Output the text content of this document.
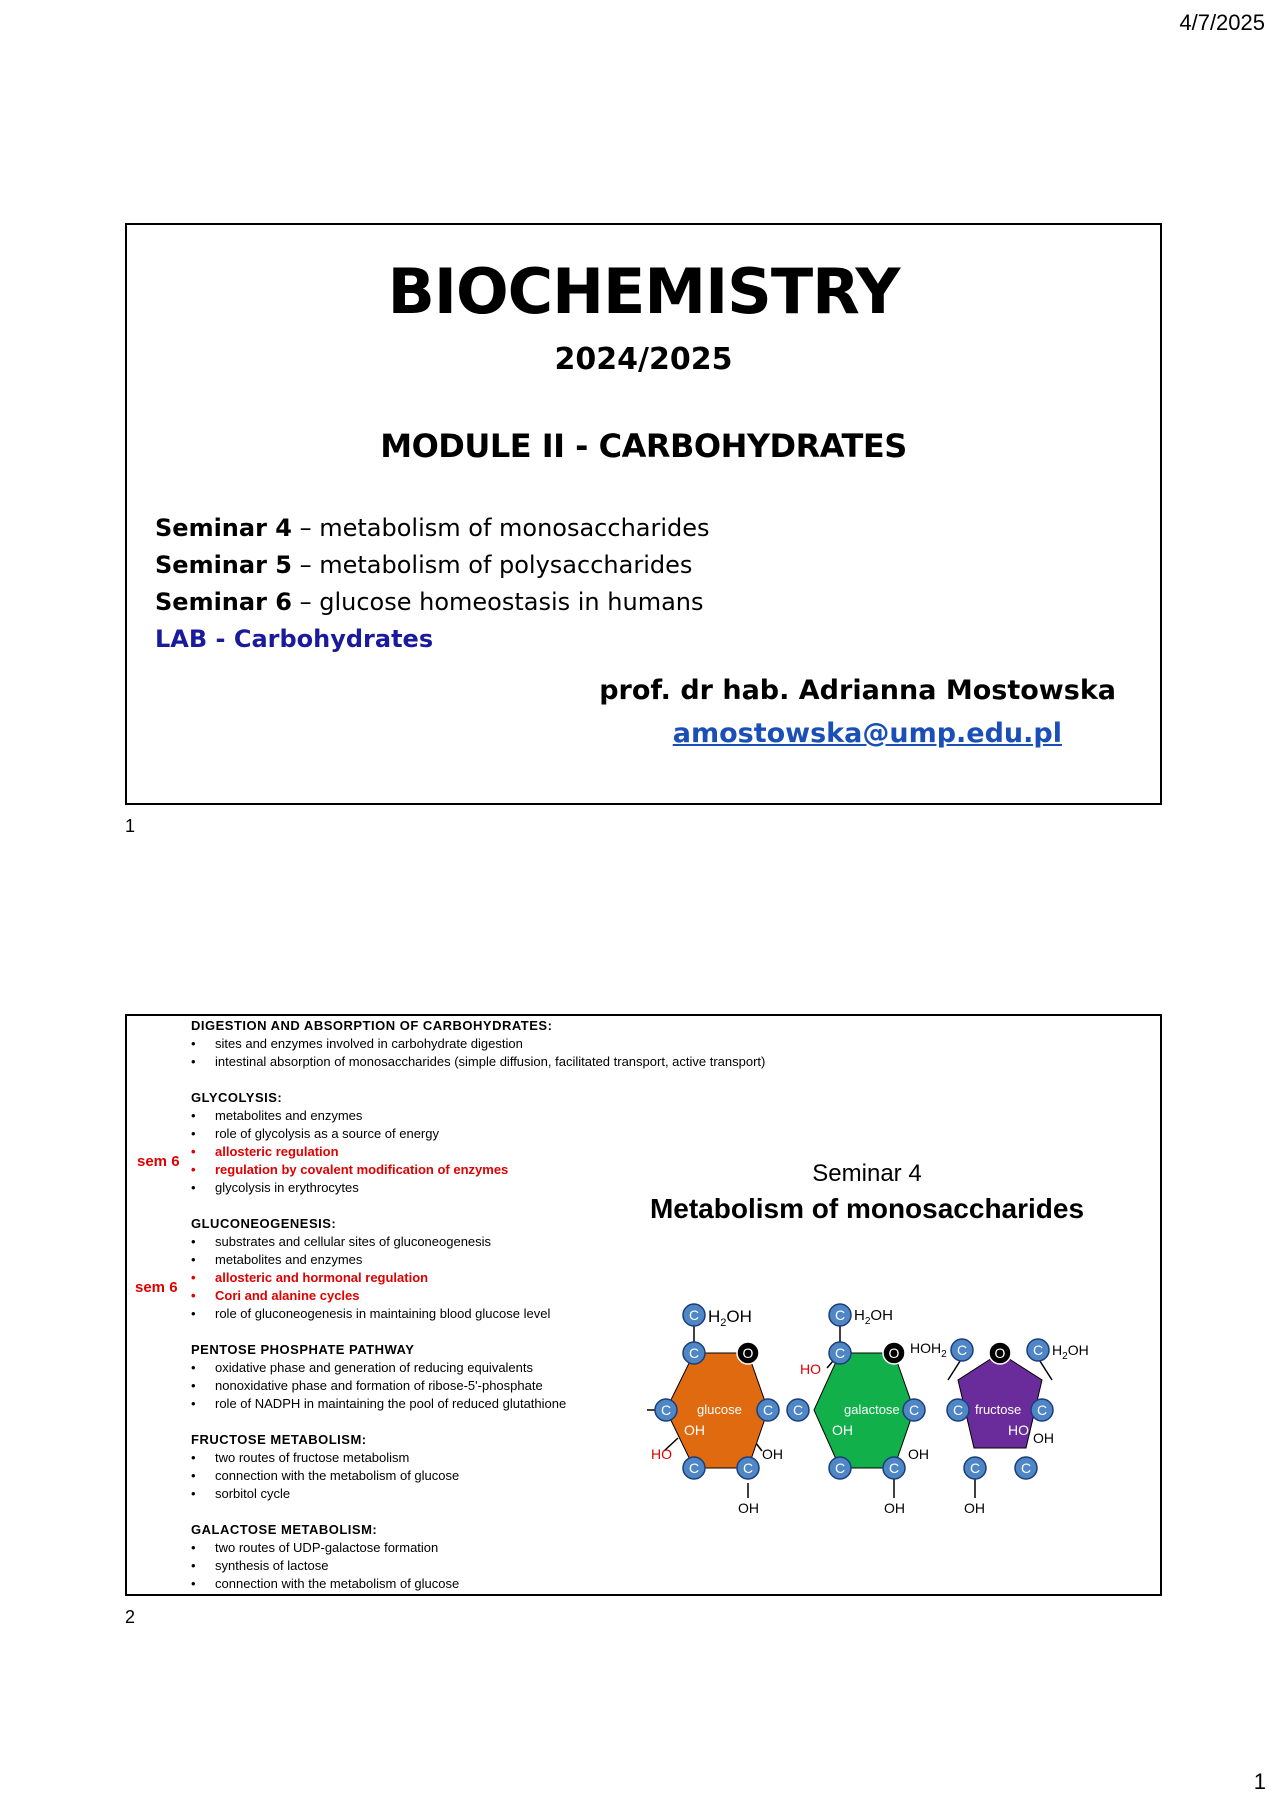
4/7/2025
BIOCHEMISTRY
2024/2025
MODULE II - CARBOHYDRATES
Seminar 4 – metabolism of monosaccharides
Seminar 5 – metabolism of polysaccharides
Seminar 6 – glucose homeostasis in humans
LAB - Carbohydrates
prof. dr hab. Adrianna Mostowska
amostowska@ump.edu.pl
1
DIGESTION AND ABSORPTION OF CARBOHYDRATES:
• sites and enzymes involved in carbohydrate digestion
• intestinal absorption of monosaccharides (simple diffusion, facilitated transport, active transport)
GLYCOLYSIS:
• metabolites and enzymes
• role of glycolysis as a source of energy
• allosteric regulation
• regulation by covalent modification of enzymes
• glycolysis in erythrocytes
GLUCONEOGENESIS:
• substrates and cellular sites of gluconeogenesis
• metabolites and enzymes
• allosteric and hormonal regulation
• Cori and alanine cycles
• role of gluconeogenesis in maintaining blood glucose level
PENTOSE PHOSPHATE PATHWAY
• oxidative phase and generation of reducing equivalents
• nonoxidative phase and formation of ribose-5'-phosphate
• role of NADPH in maintaining the pool of reduced glutathione
FRUCTOSE METABOLISM:
• two routes of fructose metabolism
• connection with the metabolism of glucose
• sorbitol cycle
GALACTOSE METABOLISM:
• two routes of UDP-galactose formation
• synthesis of lactose
• connection with the metabolism of glucose
sem 6
sem 6
Seminar 4
Metabolism of monosaccharides
glucose
OH
C $H_2OH$
C	O
C	C
C	C
HO	OH
OH
galactose
OH
C $H_2OH$
C	O
HO
C	C
C	C
OH
OH
fructose
HO
$HOH_2$ C O C $H_2OH$
C	C
OH
C	C
OH
2
1
